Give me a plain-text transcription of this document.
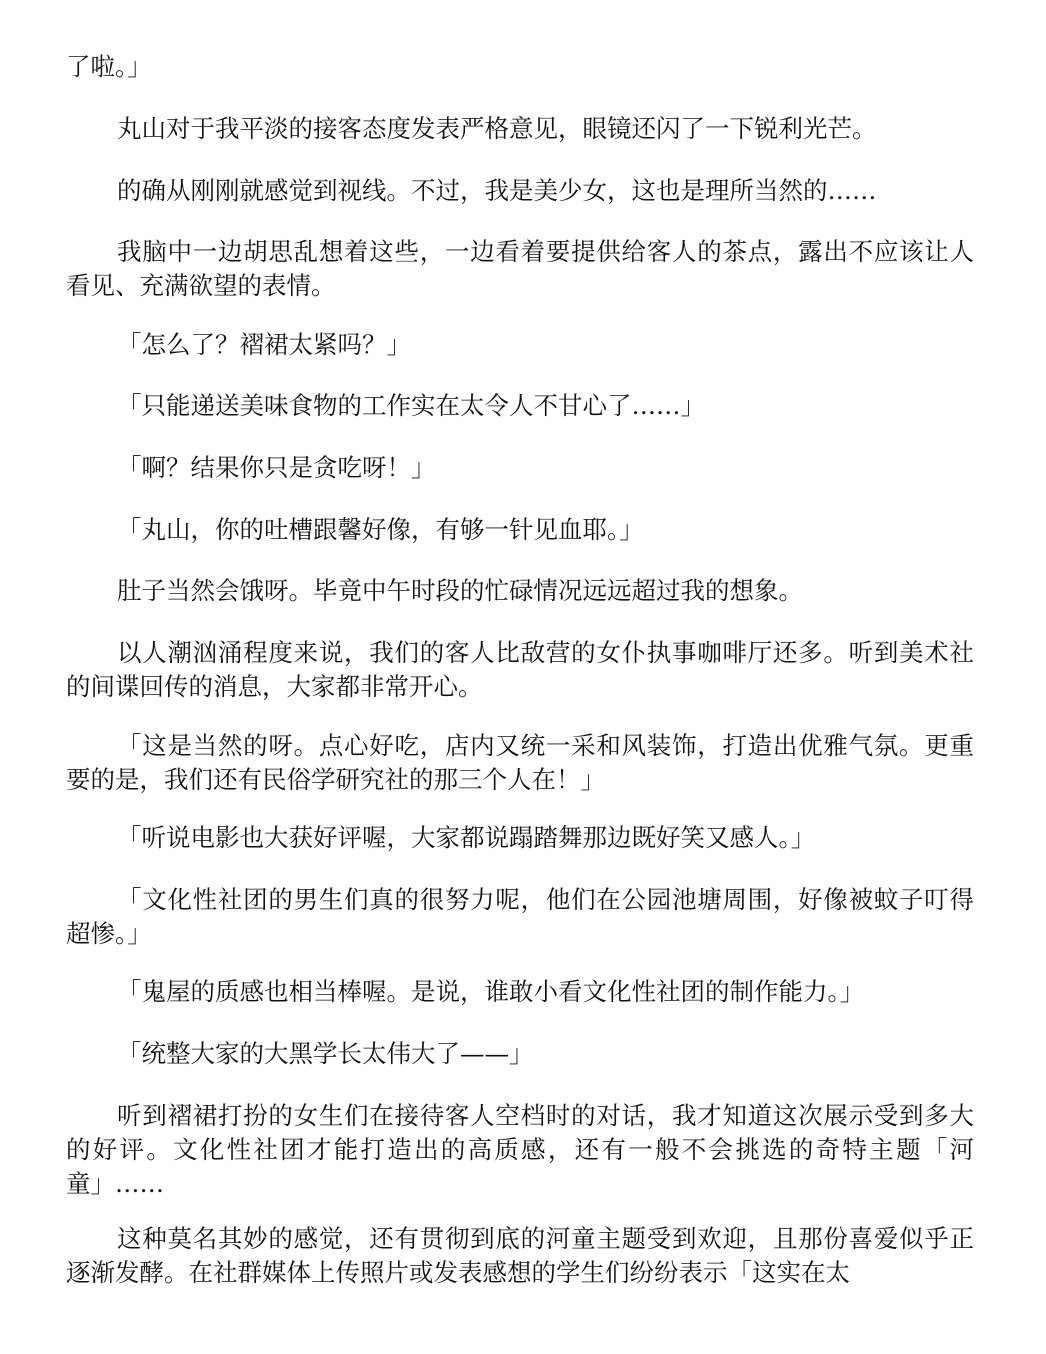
了啦。」

丸山对于我平淡的接客态度发表严格意见，眼镜还闪了一下锐利光芒。

的确从刚刚就感觉到视线。不过，我是美少女，这也是理所当然的……

我脑中一边胡思乱想着这些，一边看着要提供给客人的茶点，露出不应该让人看见、充满欲望的表情。

「怎么了？褶裙太紧吗？」

「只能递送美味食物的工作实在太令人不甘心了……」

「啊？结果你只是贪吃呀！」

「丸山，你的吐槽跟馨好像，有够一针见血耶。」

肚子当然会饿呀。毕竟中午时段的忙碌情况远远超过我的想象。

以人潮汹涌程度来说，我们的客人比敌营的女仆执事咖啡厅还多。听到美术社的间谍回传的消息，大家都非常开心。

「这是当然的呀。点心好吃，店内又统一采和风装饰，打造出优雅气氛。更重要的是，我们还有民俗学研究社的那三个人在！」

「听说电影也大获好评喔，大家都说蹋踏舞那边既好笑又感人。」

「文化性社团的男生们真的很努力呢，他们在公园池塘周围，好像被蚊子叮得超惨。」

「鬼屋的质感也相当棒喔。是说，谁敢小看文化性社团的制作能力。」

「统整大家的大黑学长太伟大了——」

听到褶裙打扮的女生们在接待客人空档时的对话，我才知道这次展示受到多大的好评。文化性社团才能打造出的高质感，还有一般不会挑选的奇特主题「河童」……

这种莫名其妙的感觉，还有贯彻到底的河童主题受到欢迎，且那份喜爱似乎正逐渐发酵。在社群媒体上传照片或发表感想的学生们纷纷表示「这实在太
